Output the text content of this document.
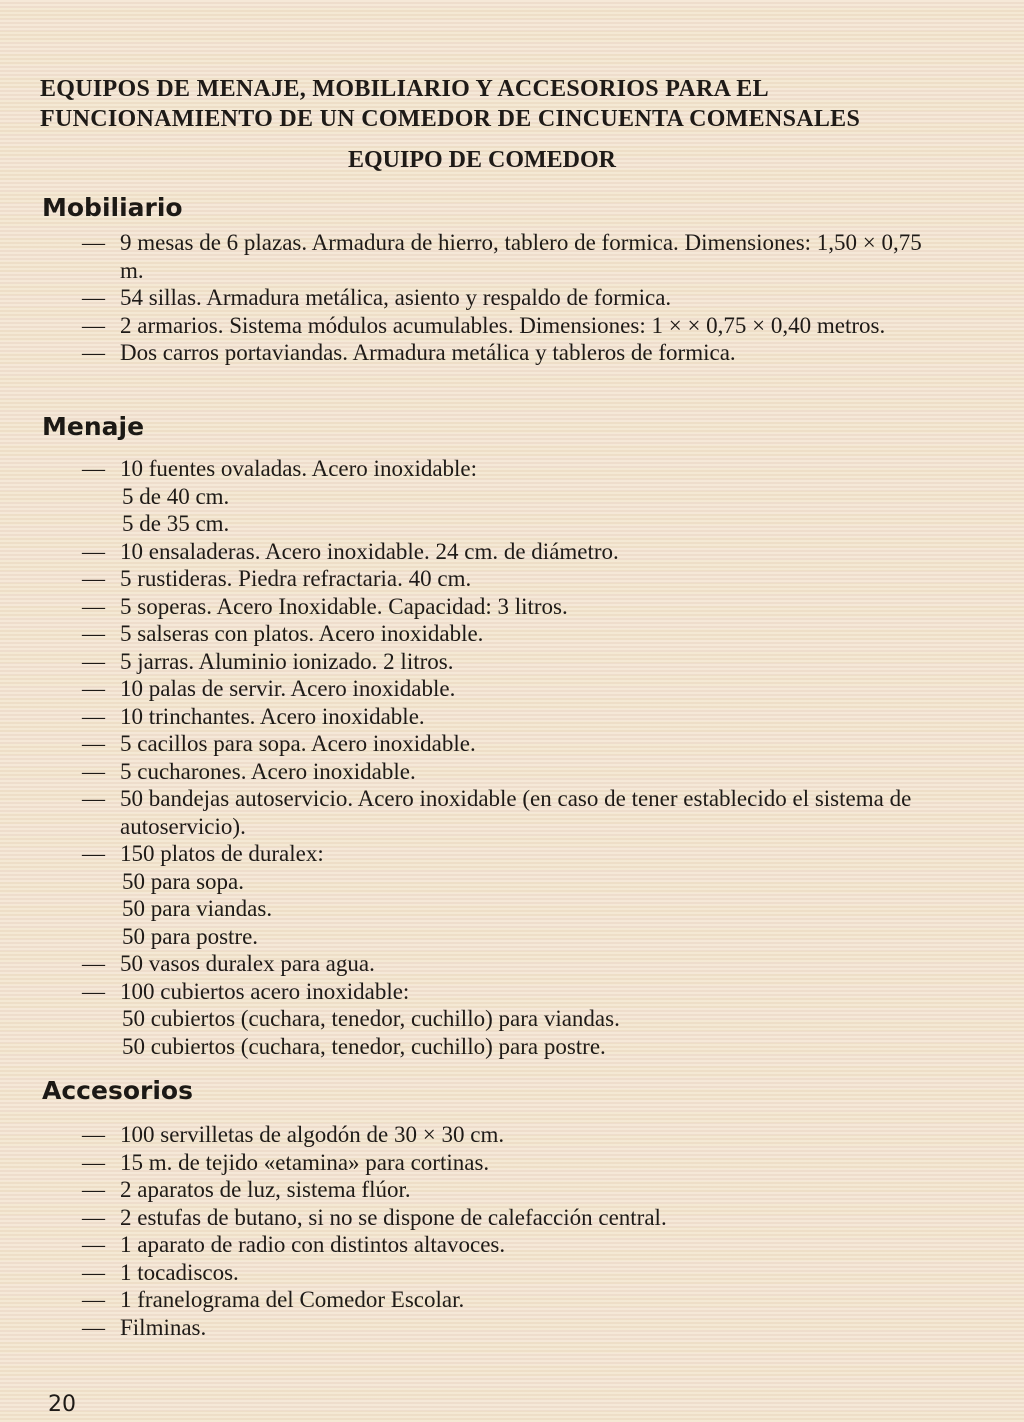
EQUIPOS DE MENAJE, MOBILIARIO Y ACCESORIOS PARA EL FUNCIONAMIENTO DE UN COMEDOR DE CINCUENTA COMENSALES
EQUIPO DE COMEDOR
Mobiliario
— 9 mesas de 6 plazas. Armadura de hierro, tablero de formica. Dimensiones: 1,50 × 0,75 m.
— 54 sillas. Armadura metálica, asiento y respaldo de formica.
— 2 armarios. Sistema módulos acumulables. Dimensiones: 1 × × 0,75 × 0,40 metros.
— Dos carros portaviandas. Armadura metálica y tableros de formica.
Menaje
— 10 fuentes ovaladas. Acero inoxidable:
5 de 40 cm.
5 de 35 cm.
— 10 ensaladeras. Acero inoxidable. 24 cm. de diámetro.
— 5 rustideras. Piedra refractaria. 40 cm.
— 5 soperas. Acero Inoxidable. Capacidad: 3 litros.
— 5 salseras con platos. Acero inoxidable.
— 5 jarras. Aluminio ionizado. 2 litros.
— 10 palas de servir. Acero inoxidable.
— 10 trinchantes. Acero inoxidable.
— 5 cacillos para sopa. Acero inoxidable.
— 5 cucharones. Acero inoxidable.
— 50 bandejas autoservicio. Acero inoxidable (en caso de tener establecido el sistema de autoservicio).
— 150 platos de duralex:
50 para sopa.
50 para viandas.
50 para postre.
— 50 vasos duralex para agua.
— 100 cubiertos acero inoxidable:
50 cubiertos (cuchara, tenedor, cuchillo) para viandas.
50 cubiertos (cuchara, tenedor, cuchillo) para postre.
Accesorios
— 100 servilletas de algodón de 30 × 30 cm.
— 15 m. de tejido «etamina» para cortinas.
— 2 aparatos de luz, sistema flúor.
— 2 estufas de butano, si no se dispone de calefacción central.
— 1 aparato de radio con distintos altavoces.
— 1 tocadiscos.
— 1 franelograma del Comedor Escolar.
— Filminas.

20
